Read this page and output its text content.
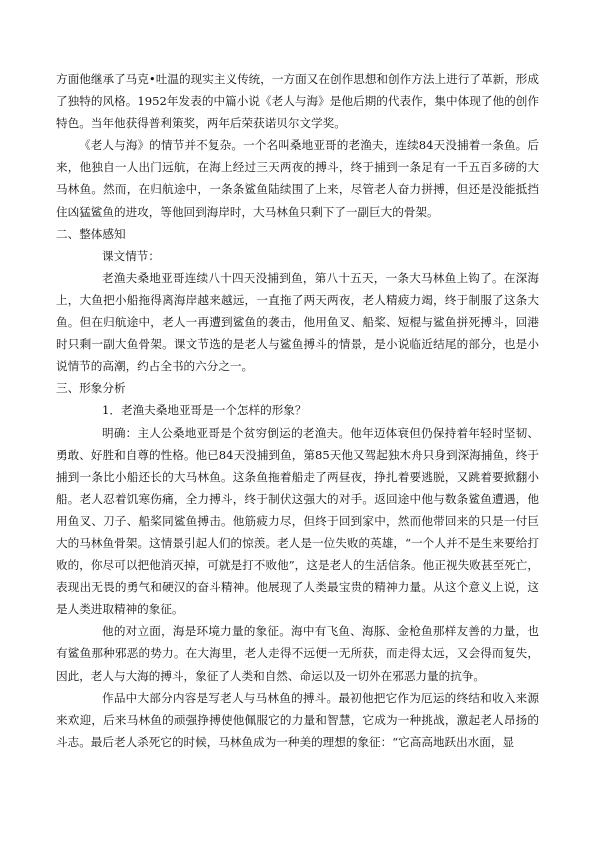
方面他继承了马克•吐温的现实主义传统，一方面又在创作思想和创作方法上进行了革新，形成了独特的风格。1952年发表的中篇小说《老人与海》是他后期的代表作，集中体现了他的创作特色。当年他获得普利策奖，两年后荣获诺贝尔文学奖。

《老人与海》的情节并不复杂。一个名叫桑地亚哥的老渔夫，连续84天没捕着一条鱼。后来，他独自一人出门远航，在海上经过三天两夜的搏斗，终于捕到一条足有一千五百多磅的大马林鱼。然而，在归航途中，一条条鲨鱼陆续围了上来，尽管老人奋力拼搏，但还是没能抵挡住凶猛鲨鱼的进攻，等他回到海岸时，大马林鱼只剩下了一副巨大的骨架。

二、整体感知

课文情节：

老渔夫桑地亚哥连续八十四天没捕到鱼，第八十五天，一条大马林鱼上钩了。在深海上，大鱼把小船拖得离海岸越来越远，一直拖了两天两夜，老人精疲力竭，终于制服了这条大鱼。但在归航途中，老人一再遭到鲨鱼的袭击，他用鱼叉、船桨、短棍与鲨鱼拼死搏斗，回港时只剩一副大鱼骨架。课文节选的是老人与鲨鱼搏斗的情景，是小说临近结尾的部分，也是小说情节的高潮，约占全书的六分之一。

三、形象分析

1．老渔夫桑地亚哥是一个怎样的形象？

明确：主人公桑地亚哥是个贫穷倒运的老渔夫。他年迈体衰但仍保持着年轻时坚韧、勇敢、好胜和自尊的性格。他已84天没捕到鱼，第85天他又驾起独木舟只身到深海捕鱼，终于捕到一条比小船还长的大马林鱼。这条鱼拖着船走了两昼夜，挣扎着要逃脱，又跳着要掀翻小船。老人忍着饥寒伤痛，全力搏斗，终于制伏这强大的对手。返回途中他与数条鲨鱼遭遇，他用鱼叉、刀子、船桨同鲨鱼搏击。他筋疲力尽，但终于回到家中，然而他带回来的只是一付巨大的马林鱼骨架。这情景引起人们的惊羡。老人是一位失败的英雄，“一个人并不是生来要给打败的，你尽可以把他消灭掉，可就是打不败他”，这是老人的生活信条。他正视失败甚至死亡，表现出无畏的勇气和硬汉的奋斗精神。他展现了人类最宝贵的精神力量。从这个意义上说，这是人类进取精神的象征。

他的对立面，海是环境力量的象征。海中有飞鱼、海豚、金枪鱼那样友善的力量，也有鲨鱼那种邪恶的势力。在大海里，老人走得不远便一无所获，而走得太远，又会得而复失，因此，老人与大海的搏斗，象征了人类和自然、命运以及一切外在邪恶力量的抗争。

作品中大部分内容是写老人与马林鱼的搏斗。最初他把它作为厄运的终结和收入来源来欢迎，后来马林鱼的顽强挣搏使他佩服它的力量和智慧，它成为一种挑战，激起老人昂扬的斗志。最后老人杀死它的时候，马林鱼成为一种美的理想的象征：“它高高地跃出水面，显
